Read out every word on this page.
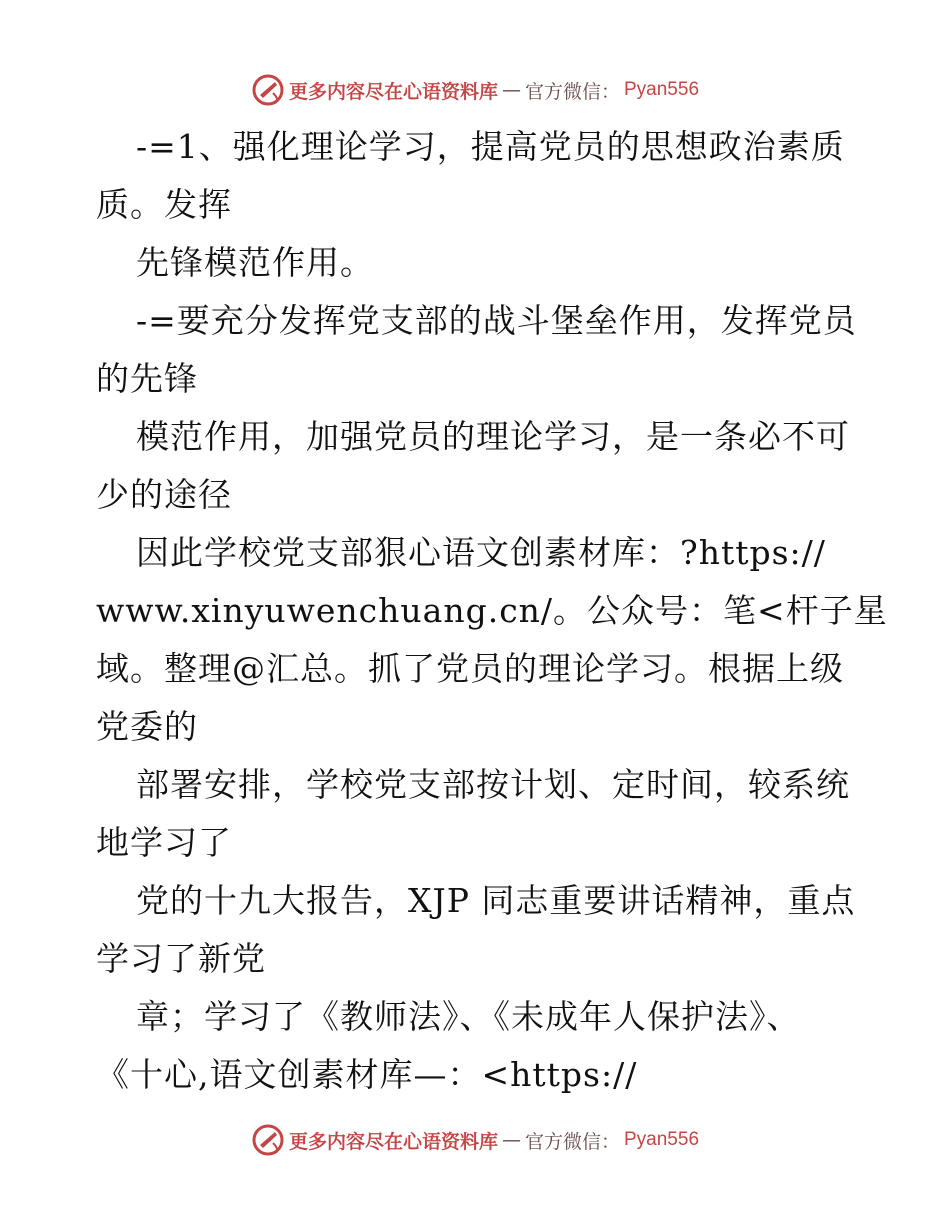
更多内容尽在心语资料库 — 官方微信： Pyan556
-=1、强化理论学习，提高党员的思想政治素质
质。发挥
先锋模范作用。
-=要充分发挥党支部的战斗堡垒作用，发挥党员
的先锋
模范作用，加强党员的理论学习，是一条必不可
少的途径
因此学校党支部狠心语文创素材库：?https://
www.xinyuwenchuang.cn/。公众号：笔<杆子星
域。整理@汇总。抓了党员的理论学习。根据上级
党委的
部署安排，学校党支部按计划、定时间，较系统
地学习了
党的十九大报告，XJP 同志重要讲话精神，重点
学习了新党
章；学习了《教师法》、《未成年人保护法》、
《十心,语文创素材库—：<https://
更多内容尽在心语资料库 — 官方微信： Pyan556
